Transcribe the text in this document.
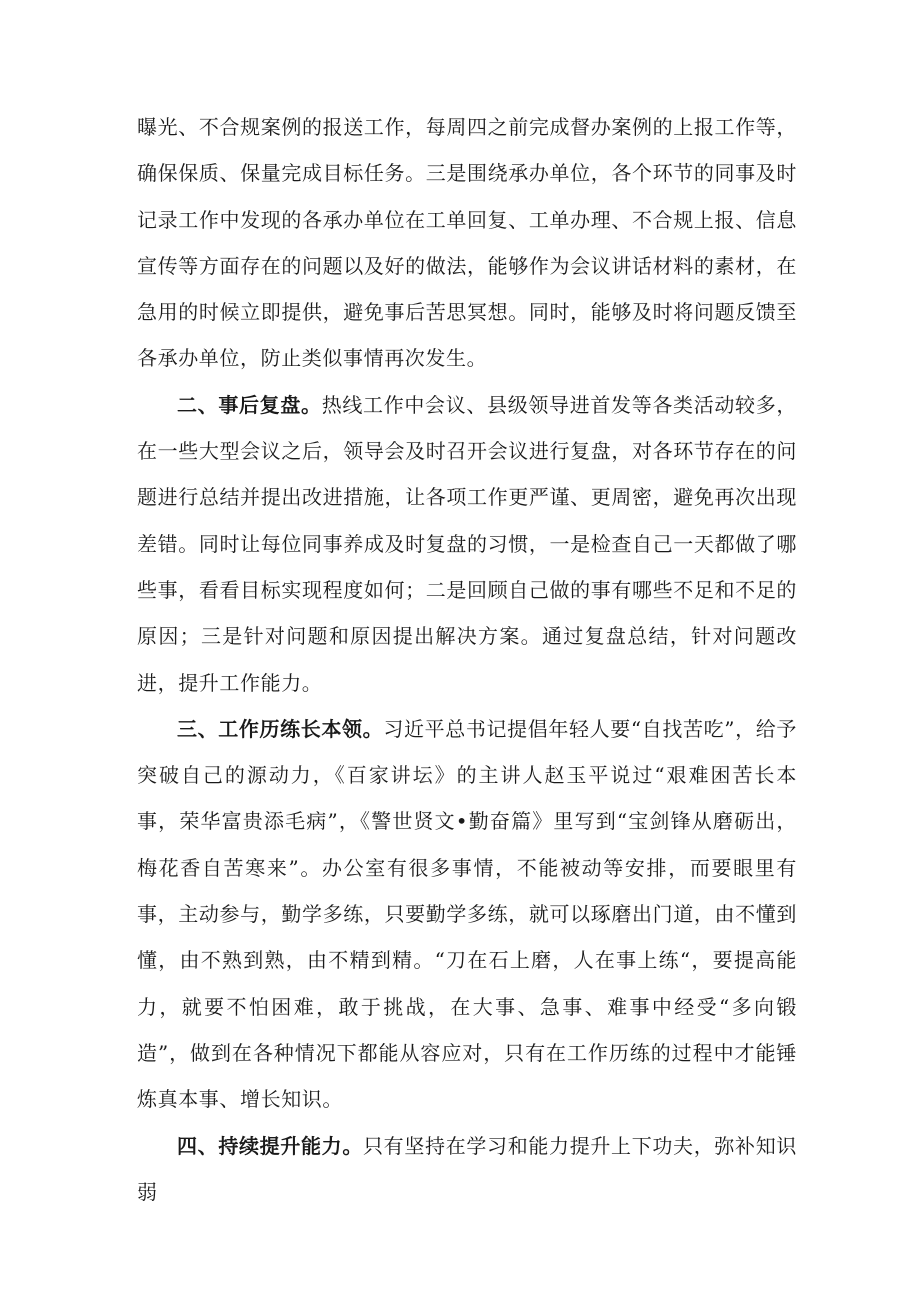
曝光、不合规案例的报送工作，每周四之前完成督办案例的上报工作等，确保保质、保量完成目标任务。三是围绕承办单位，各个环节的同事及时记录工作中发现的各承办单位在工单回复、工单办理、不合规上报、信息宣传等方面存在的问题以及好的做法，能够作为会议讲话材料的素材，在急用的时候立即提供，避免事后苦思冥想。同时，能够及时将问题反馈至各承办单位，防止类似事情再次发生。

二、事后复盘。热线工作中会议、县级领导进首发等各类活动较多，在一些大型会议之后，领导会及时召开会议进行复盘，对各环节存在的问题进行总结并提出改进措施，让各项工作更严谨、更周密，避免再次出现差错。同时让每位同事养成及时复盘的习惯，一是检查自己一天都做了哪些事，看看目标实现程度如何；二是回顾自己做的事有哪些不足和不足的原因；三是针对问题和原因提出解决方案。通过复盘总结，针对问题改进，提升工作能力。

三、工作历练长本领。习近平总书记提倡年轻人要“自找苦吃”，给予突破自己的源动力，《百家讲坛》的主讲人赵玉平说过“艰难困苦长本事，荣华富贵添毛病”，《警世贤文•勤奋篇》里写到“宝剑锋从磨砺出，梅花香自苦寒来”。办公室有很多事情，不能被动等安排，而要眼里有事，主动参与，勤学多练，只要勤学多练，就可以琢磨出门道，由不懂到懂，由不熟到熟，由不精到精。“刀在石上磨，人在事上练“，要提高能力，就要不怕困难，敢于挑战，在大事、急事、难事中经受“多向锻造”，做到在各种情况下都能从容应对，只有在工作历练的过程中才能锤炼真本事、增长知识。

四、持续提升能力。只有坚持在学习和能力提升上下功夫，弥补知识弱
